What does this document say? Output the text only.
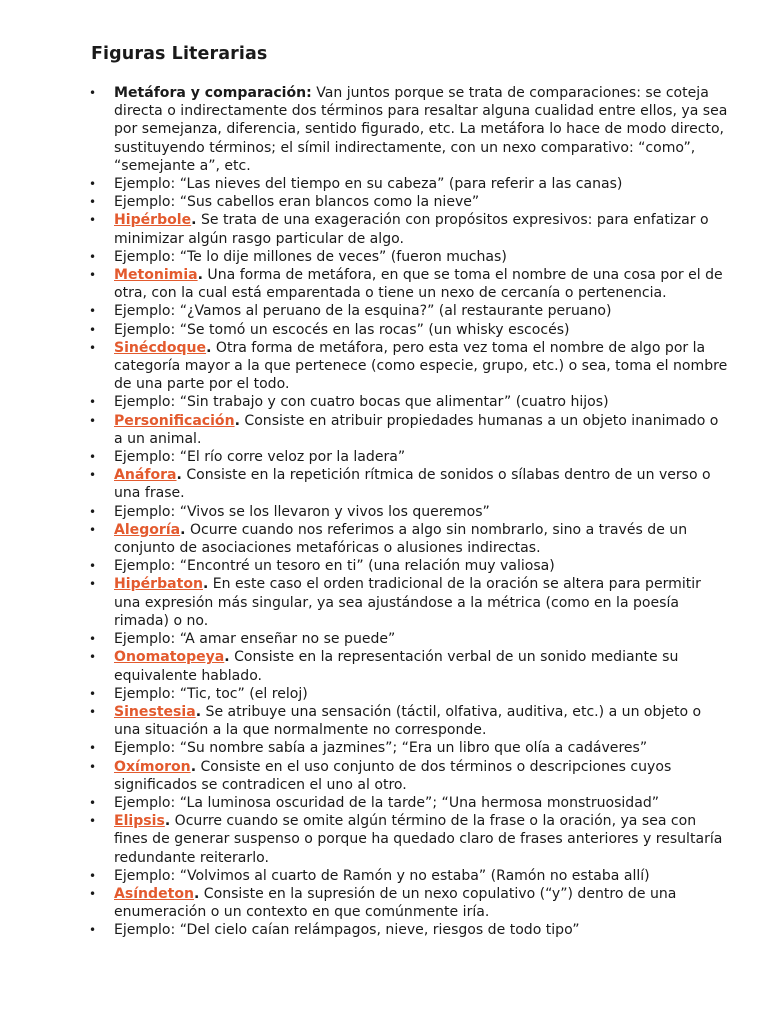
Figuras Literarias
• Metáfora y comparación: Van juntos porque se trata de comparaciones: se coteja directa o indirectamente dos términos para resaltar alguna cualidad entre ellos, ya sea por semejanza, diferencia, sentido figurado, etc. La metáfora lo hace de modo directo, sustituyendo términos; el símil indirectamente, con un nexo comparativo: “como”, “semejante a”, etc.
• Ejemplo: “Las nieves del tiempo en su cabeza” (para referir a las canas)
• Ejemplo: “Sus cabellos eran blancos como la nieve”
• Hipérbole. Se trata de una exageración con propósitos expresivos: para enfatizar o minimizar algún rasgo particular de algo.
• Ejemplo: “Te lo dije millones de veces” (fueron muchas)
• Metonimia. Una forma de metáfora, en que se toma el nombre de una cosa por el de otra, con la cual está emparentada o tiene un nexo de cercanía o pertenencia.
• Ejemplo: “¿Vamos al peruano de la esquina?” (al restaurante peruano)
• Ejemplo: “Se tomó un escocés en las rocas” (un whisky escocés)
• Sinécdoque. Otra forma de metáfora, pero esta vez toma el nombre de algo por la categoría mayor a la que pertenece (como especie, grupo, etc.) o sea, toma el nombre de una parte por el todo.
• Ejemplo: “Sin trabajo y con cuatro bocas que alimentar” (cuatro hijos)
• Personificación. Consiste en atribuir propiedades humanas a un objeto inanimado o a un animal.
• Ejemplo: “El río corre veloz por la ladera”
• Anáfora. Consiste en la repetición rítmica de sonidos o sílabas dentro de un verso o una frase.
• Ejemplo: “Vivos se los llevaron y vivos los queremos”
• Alegoría. Ocurre cuando nos referimos a algo sin nombrarlo, sino a través de un conjunto de asociaciones metafóricas o alusiones indirectas.
• Ejemplo: “Encontré un tesoro en ti” (una relación muy valiosa)
• Hipérbaton. En este caso el orden tradicional de la oración se altera para permitir una expresión más singular, ya sea ajustándose a la métrica (como en la poesía rimada) o no.
• Ejemplo: “A amar enseñar no se puede”
• Onomatopeya. Consiste en la representación verbal de un sonido mediante su equivalente hablado.
• Ejemplo: “Tic, toc” (el reloj)
• Sinestesia. Se atribuye una sensación (táctil, olfativa, auditiva, etc.) a un objeto o una situación a la que normalmente no corresponde.
• Ejemplo: “Su nombre sabía a jazmines”; “Era un libro que olía a cadáveres”
• Oxímoron. Consiste en el uso conjunto de dos términos o descripciones cuyos significados se contradicen el uno al otro.
• Ejemplo: “La luminosa oscuridad de la tarde”; “Una hermosa monstruosidad”
• Elipsis. Ocurre cuando se omite algún término de la frase o la oración, ya sea con fines de generar suspenso o porque ha quedado claro de frases anteriores y resultaría redundante reiterarlo.
• Ejemplo: “Volvimos al cuarto de Ramón y no estaba” (Ramón no estaba allí)
• Asíndeton. Consiste en la supresión de un nexo copulativo (“y”) dentro de una enumeración o un contexto en que comúnmente iría.
• Ejemplo: “Del cielo caían relámpagos, nieve, riesgos de todo tipo”
